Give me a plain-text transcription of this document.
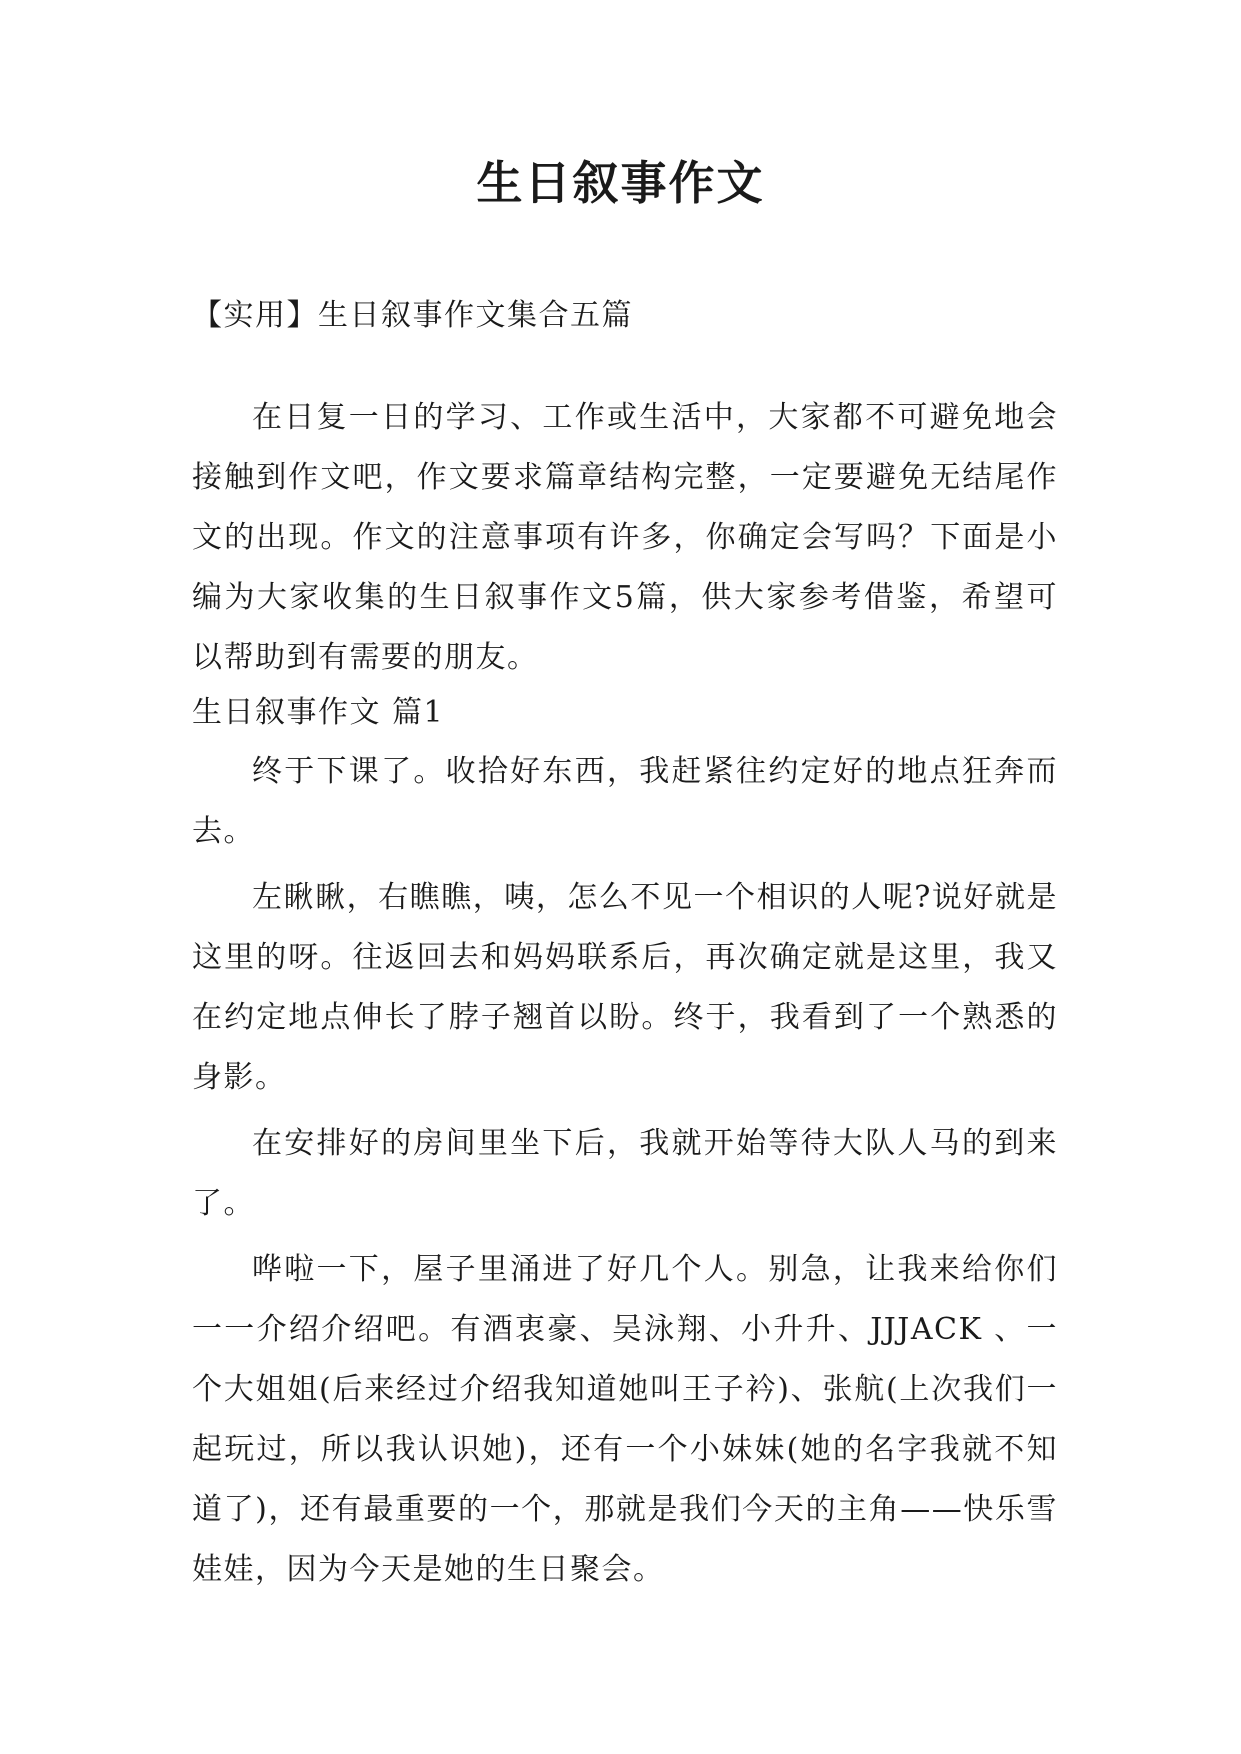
生日叙事作文

【实用】生日叙事作文集合五篇

在日复一日的学习、工作或生活中，大家都不可避免地会接触到作文吧，作文要求篇章结构完整，一定要避免无结尾作文的出现。作文的注意事项有许多，你确定会写吗？下面是小编为大家收集的生日叙事作文5篇，供大家参考借鉴，希望可以帮助到有需要的朋友。

生日叙事作文 篇1

终于下课了。收拾好东西，我赶紧往约定好的地点狂奔而去。

左瞅瞅，右瞧瞧，咦，怎么不见一个相识的人呢?说好就是这里的呀。往返回去和妈妈联系后，再次确定就是这里，我又在约定地点伸长了脖子翘首以盼。终于，我看到了一个熟悉的身影。

在安排好的房间里坐下后，我就开始等待大队人马的到来了。

哗啦一下，屋子里涌进了好几个人。别急，让我来给你们一一介绍介绍吧。有酒衷豪、吴泳翔、小升升、JJJACK 、一个大姐姐(后来经过介绍我知道她叫王子衿)、张航(上次我们一起玩过，所以我认识她)，还有一个小妹妹(她的名字我就不知道了)，还有最重要的一个，那就是我们今天的主角——快乐雪娃娃，因为今天是她的生日聚会。
